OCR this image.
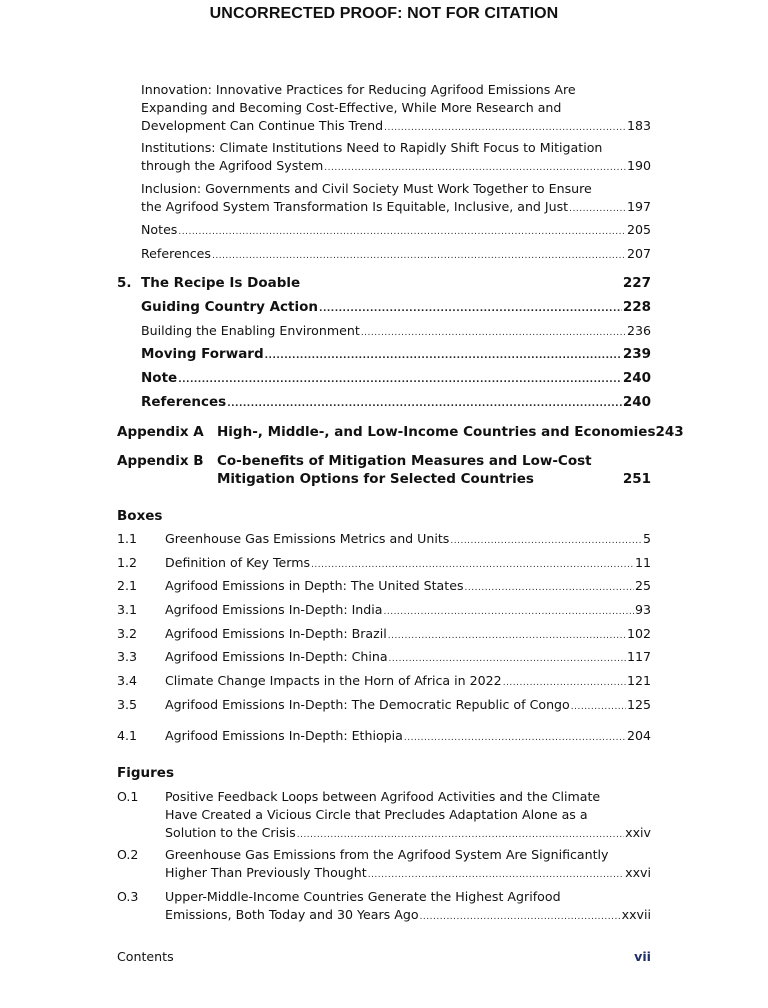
UNCORRECTED PROOF: NOT FOR CITATION
Innovation: Innovative Practices for Reducing Agrifood Emissions Are
Expanding and Becoming Cost-Effective, While More Research and
Development Can Continue This Trend .....	183
Institutions: Climate Institutions Need to Rapidly Shift Focus to Mitigation
through the Agrifood System .....	190
Inclusion: Governments and Civil Society Must Work Together to Ensure
the Agrifood System Transformation Is Equitable, Inclusive, and Just .....	197
Notes .....	205
References .....	207
5. The Recipe Is Doable	227
Guiding Country Action .....	228
Building the Enabling Environment .....	236
Moving Forward .....	239
Note .....	240
References .....	240
Appendix A High-, Middle-, and Low-Income Countries and Economies 243
Appendix B Co-benefits of Mitigation Measures and Low-Cost
Mitigation Options for Selected Countries	251
Boxes
1.1 Greenhouse Gas Emissions Metrics and Units .....	5
1.2 Definition of Key Terms .....	11
2.1 Agrifood Emissions in Depth: The United States .....	25
3.1 Agrifood Emissions In-Depth: India .....	93
3.2 Agrifood Emissions In-Depth: Brazil .....	102
3.3 Agrifood Emissions In-Depth: China .....	117
3.4 Climate Change Impacts in the Horn of Africa in 2022 .....	121
3.5 Agrifood Emissions In-Depth: The Democratic Republic of Congo .....	125
4.1 Agrifood Emissions In-Depth: Ethiopia .....	204
Figures
O.1 Positive Feedback Loops between Agrifood Activities and the Climate
Have Created a Vicious Circle that Precludes Adaptation Alone as a
Solution to the Crisis .....	xxiv
O.2 Greenhouse Gas Emissions from the Agrifood System Are Significantly
Higher Than Previously Thought .....	xxvi
O.3 Upper-Middle-Income Countries Generate the Highest Agrifood
Emissions, Both Today and 30 Years Ago .....	xxvii
Contents	vii
